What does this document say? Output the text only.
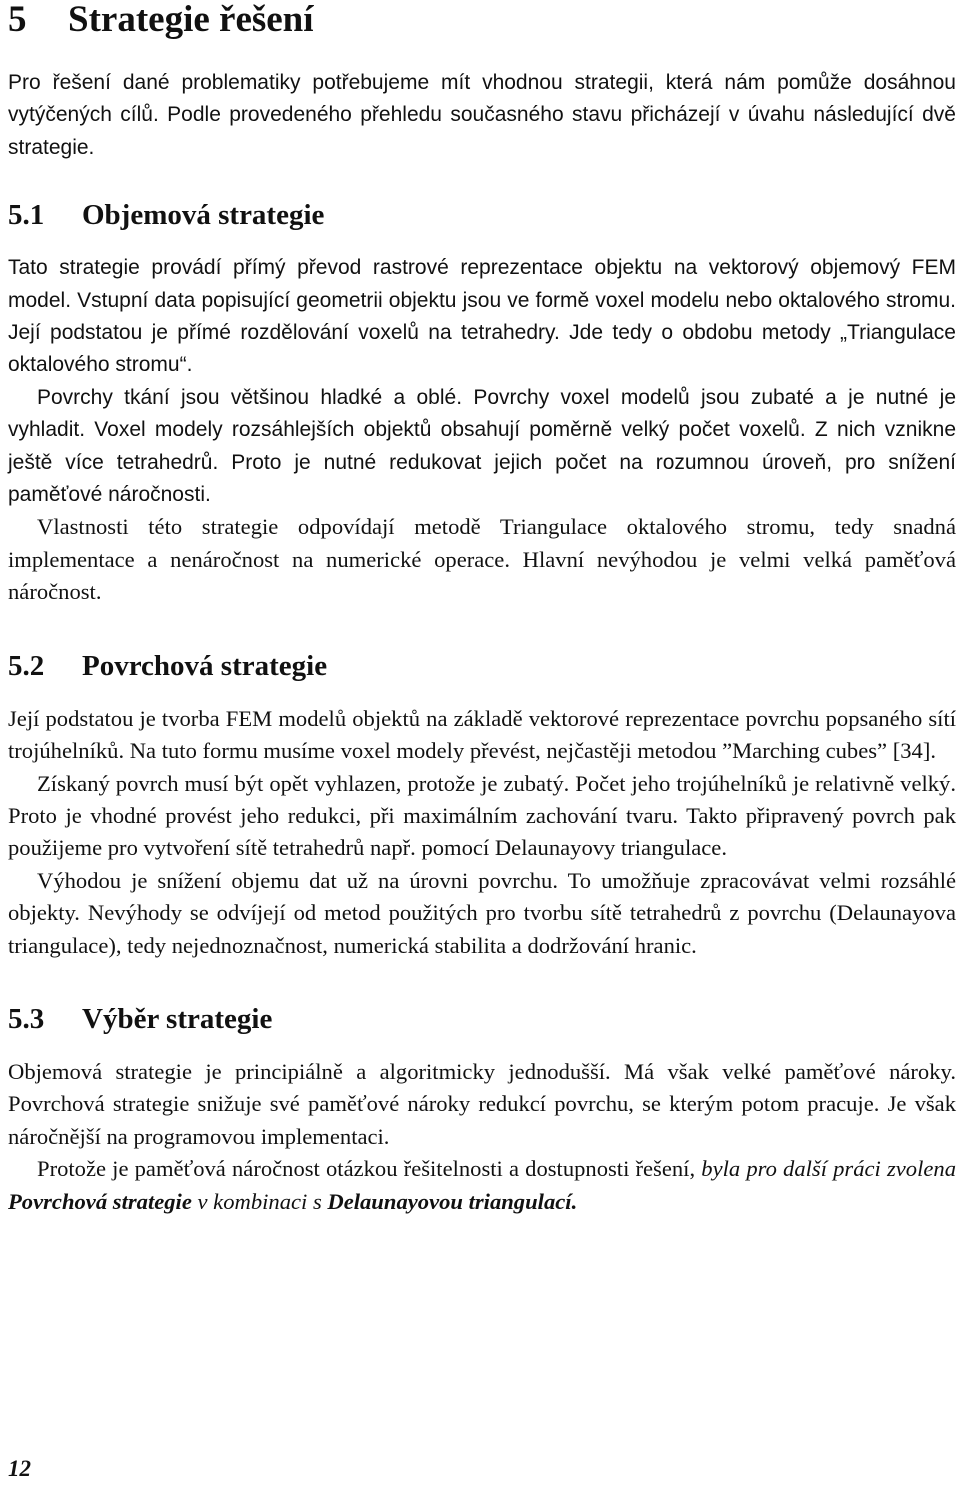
5 Strategie řešení

Pro řešení dané problematiky potřebujeme mít vhodnou strategii, která nám pomůže dosáhnou vytýčených cílů. Podle provedeného přehledu současného stavu přicházejí v úvahu následující dvě strategie.

5.1 Objemová strategie

Tato strategie provádí přímý převod rastrové reprezentace objektu na vektorový objemový FEM model. Vstupní data popisující geometrii objektu jsou ve formě voxel modelu nebo oktalového stromu. Její podstatou je přímé rozdělování voxelů na tetrahedry. Jde tedy o obdobu metody „Triangulace oktalového stromu“.

Povrchy tkání jsou většinou hladké a oblé. Povrchy voxel modelů jsou zubaté a je nutné je vyhladit. Voxel modely rozsáhlejších objektů obsahují poměrně velký počet voxelů. Z nich vznikne ještě více tetrahedrů. Proto je nutné redukovat jejich počet na rozumnou úroveň, pro snížení paměťové náročnosti.

Vlastnosti této strategie odpovídají metodě Triangulace oktalového stromu, tedy snadná implementace a nenáročnost na numerické operace. Hlavní nevýhodou je velmi velká paměťová náročnost.

5.2 Povrchová strategie

Její podstatou je tvorba FEM modelů objektů na základě vektorové reprezentace povrchu popsaného sítí trojúhelníků. Na tuto formu musíme voxel modely převést, nejčastěji metodou ”Marching cubes” [34].

Získaný povrch musí být opět vyhlazen, protože je zubatý. Počet jeho trojúhelníků je relativně velký. Proto je vhodné provést jeho redukci, při maximálním zachování tvaru. Takto připravený povrch pak použijeme pro vytvoření sítě tetrahedrů např. pomocí Delaunayovy triangulace.

Výhodou je snížení objemu dat už na úrovni povrchu. To umožňuje zpracovávat velmi rozsáhlé objekty. Nevýhody se odvíjejí od metod použitých pro tvorbu sítě tetrahedrů z povrchu (Delaunayova triangulace), tedy nejednoznačnost, numerická stabilita a dodržování hranic.

5.3 Výběr strategie

Objemová strategie je principiálně a algoritmicky jednodušší. Má však velké paměťové nároky. Povrchová strategie snižuje své paměťové nároky redukcí povrchu, se kterým potom pracuje. Je však náročnější na programovou implementaci.

Protože je paměťová náročnost otázkou řešitelnosti a dostupnosti řešení, byla pro další práci zvolena Povrchová strategie v kombinaci s Delaunayovou triangulací.

12
